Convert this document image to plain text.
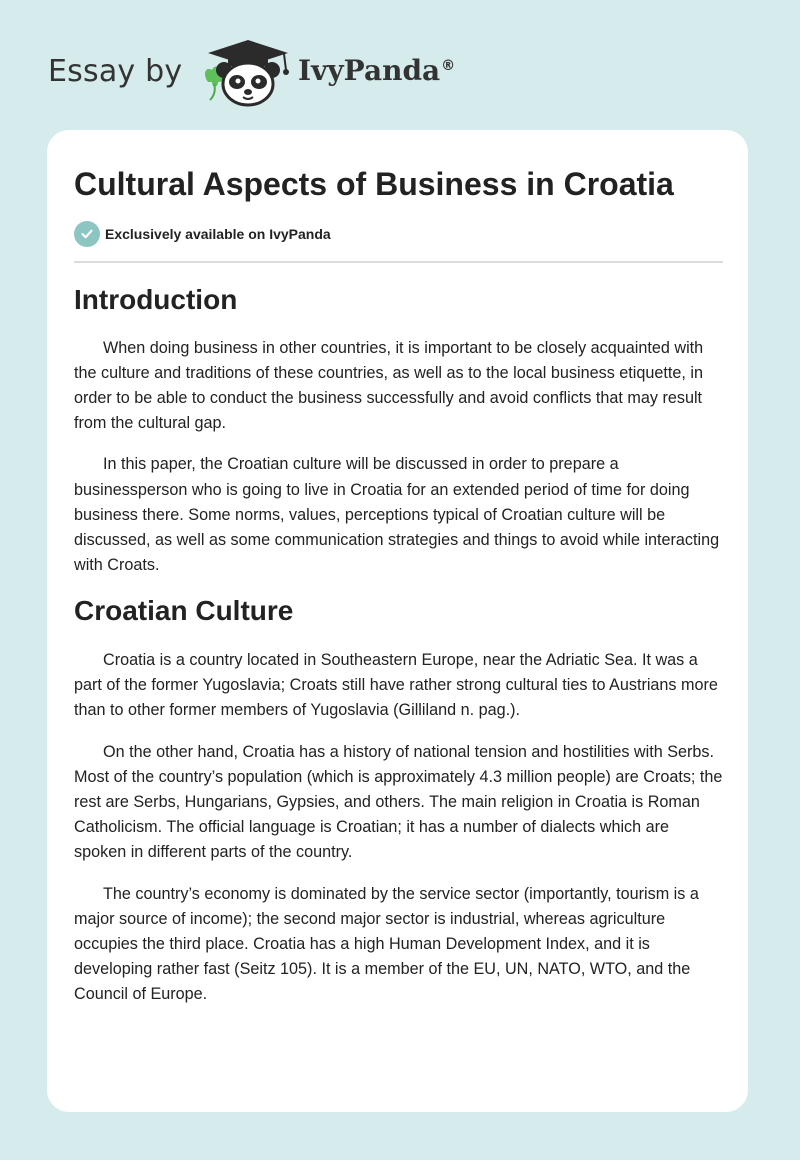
Essay by	IvyPanda®
Cultural Aspects of Business in Croatia
Exclusively available on IvyPanda
Introduction

When doing business in other countries, it is important to be closely acquainted with the culture and traditions of these countries, as well as to the local business etiquette, in order to be able to conduct the business successfully and avoid conflicts that may result from the cultural gap.

In this paper, the Croatian culture will be discussed in order to prepare a businessperson who is going to live in Croatia for an extended period of time for doing business there. Some norms, values, perceptions typical of Croatian culture will be discussed, as well as some communication strategies and things to avoid while interacting with Croats.

Croatian Culture

Croatia is a country located in Southeastern Europe, near the Adriatic Sea. It was a part of the former Yugoslavia; Croats still have rather strong cultural ties to Austrians more than to other former members of Yugoslavia (Gilliland n. pag.).

On the other hand, Croatia has a history of national tension and hostilities with Serbs. Most of the country’s population (which is approximately 4.3 million people) are Croats; the rest are Serbs, Hungarians, Gypsies, and others. The main religion in Croatia is Roman Catholicism. The official language is Croatian; it has a number of dialects which are spoken in different parts of the country.

The country’s economy is dominated by the service sector (importantly, tourism is a major source of income); the second major sector is industrial, whereas agriculture occupies the third place. Croatia has a high Human Development Index, and it is developing rather fast (Seitz 105). It is a member of the EU, UN, NATO, WTO, and the Council of Europe.
